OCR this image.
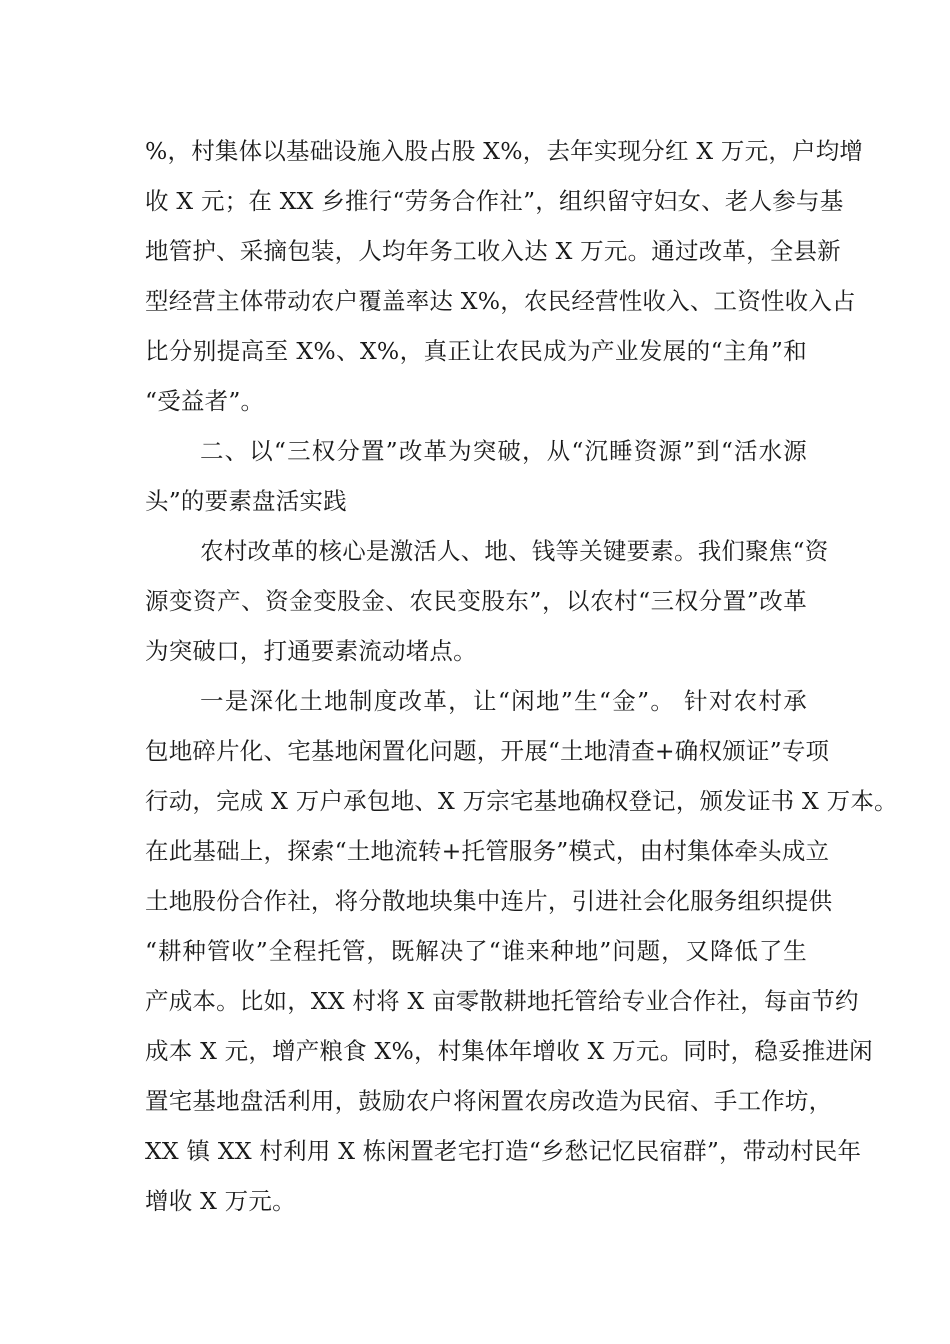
%，村集体以基础设施入股占股 X%，去年实现分红 X 万元，户均增
收 X 元；在 XX 乡推行“劳务合作社”，组织留守妇女、老人参与基
地管护、采摘包装，人均年务工收入达 X 万元。通过改革，全县新
型经营主体带动农户覆盖率达 X%，农民经营性收入、工资性收入占
比分别提高至 X%、X%，真正让农民成为产业发展的“主角”和
“受益者”。
二、以“三权分置”改革为突破，从“沉睡资源”到“活水源
头”的要素盘活实践
农村改革的核心是激活人、地、钱等关键要素。我们聚焦“资
源变资产、资金变股金、农民变股东”，以农村“三权分置”改革
为突破口，打通要素流动堵点。
一是深化土地制度改革，让“闲地”生“金”。 针对农村承
包地碎片化、宅基地闲置化问题，开展“土地清查+确权颁证”专项
行动，完成 X 万户承包地、X 万宗宅基地确权登记，颁发证书 X 万本。
在此基础上，探索“土地流转+托管服务”模式，由村集体牵头成立
土地股份合作社，将分散地块集中连片，引进社会化服务组织提供
“耕种管收”全程托管，既解决了“谁来种地”问题，又降低了生
产成本。比如，XX 村将 X 亩零散耕地托管给专业合作社，每亩节约
成本 X 元，增产粮食 X%，村集体年增收 X 万元。同时，稳妥推进闲
置宅基地盘活利用，鼓励农户将闲置农房改造为民宿、手工作坊，
XX 镇 XX 村利用 X 栋闲置老宅打造“乡愁记忆民宿群”，带动村民年
增收 X 万元。
